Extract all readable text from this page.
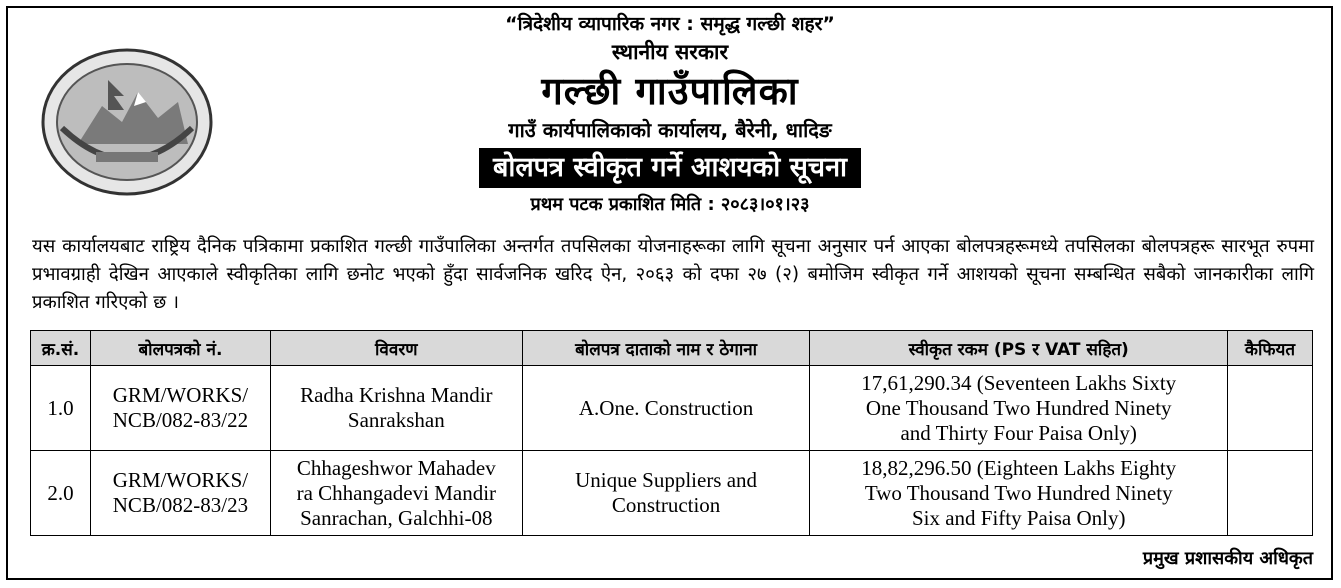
“त्रिदेशीय व्यापारिक नगर : समृद्ध गल्छी शहर”
स्थानीय सरकार
गल्छी गाउँपालिका
गाउँ कार्यपालिकाको कार्यालय, बैरेनी, धादिङ
बोलपत्र स्वीकृत गर्ने आशयको सूचना
प्रथम पटक प्रकाशित मिति : २०८३।०१।२३
यस कार्यालयबाट राष्ट्रिय दैनिक पत्रिकामा प्रकाशित गल्छी गाउँपालिका अन्तर्गत तपसिलका योजनाहरूका लागि सूचना अनुसार पर्न आएका बोलपत्रहरूमध्ये तपसिलका बोलपत्रहरू सारभूत रुपमा प्रभावग्राही देखिन आएकाले स्वीकृतिका लागि छनोट भएको हुँदा सार्वजनिक खरिद ऐन, २०६३ को दफा २७ (२) बमोजिम स्वीकृत गर्ने आशयको सूचना सम्बन्धित सबैको जानकारीका लागि प्रकाशित गरिएको छ ।
क्र.सं.	बोलपत्रको नं.	विवरण	बोलपत्र दाताको नाम र ठेगाना	स्वीकृत रकम (PS र VAT सहित)	कैफियत
1.0	GRM/WORKS/
NCB/082-83/22	Radha Krishna Mandir
Sanrakshan	A.One. Construction	17,61,290.34 (Seventeen Lakhs Sixty
One Thousand Two Hundred Ninety
and Thirty Four Paisa Only)	
2.0	GRM/WORKS/
NCB/082-83/23	Chhageshwor Mahadev
ra Chhangadevi Mandir
Sanrachan, Galchhi-08	Unique Suppliers and
Construction	18,82,296.50 (Eighteen Lakhs Eighty
Two Thousand Two Hundred Ninety
Six and Fifty Paisa Only)	
प्रमुख प्रशासकीय अधिकृत
